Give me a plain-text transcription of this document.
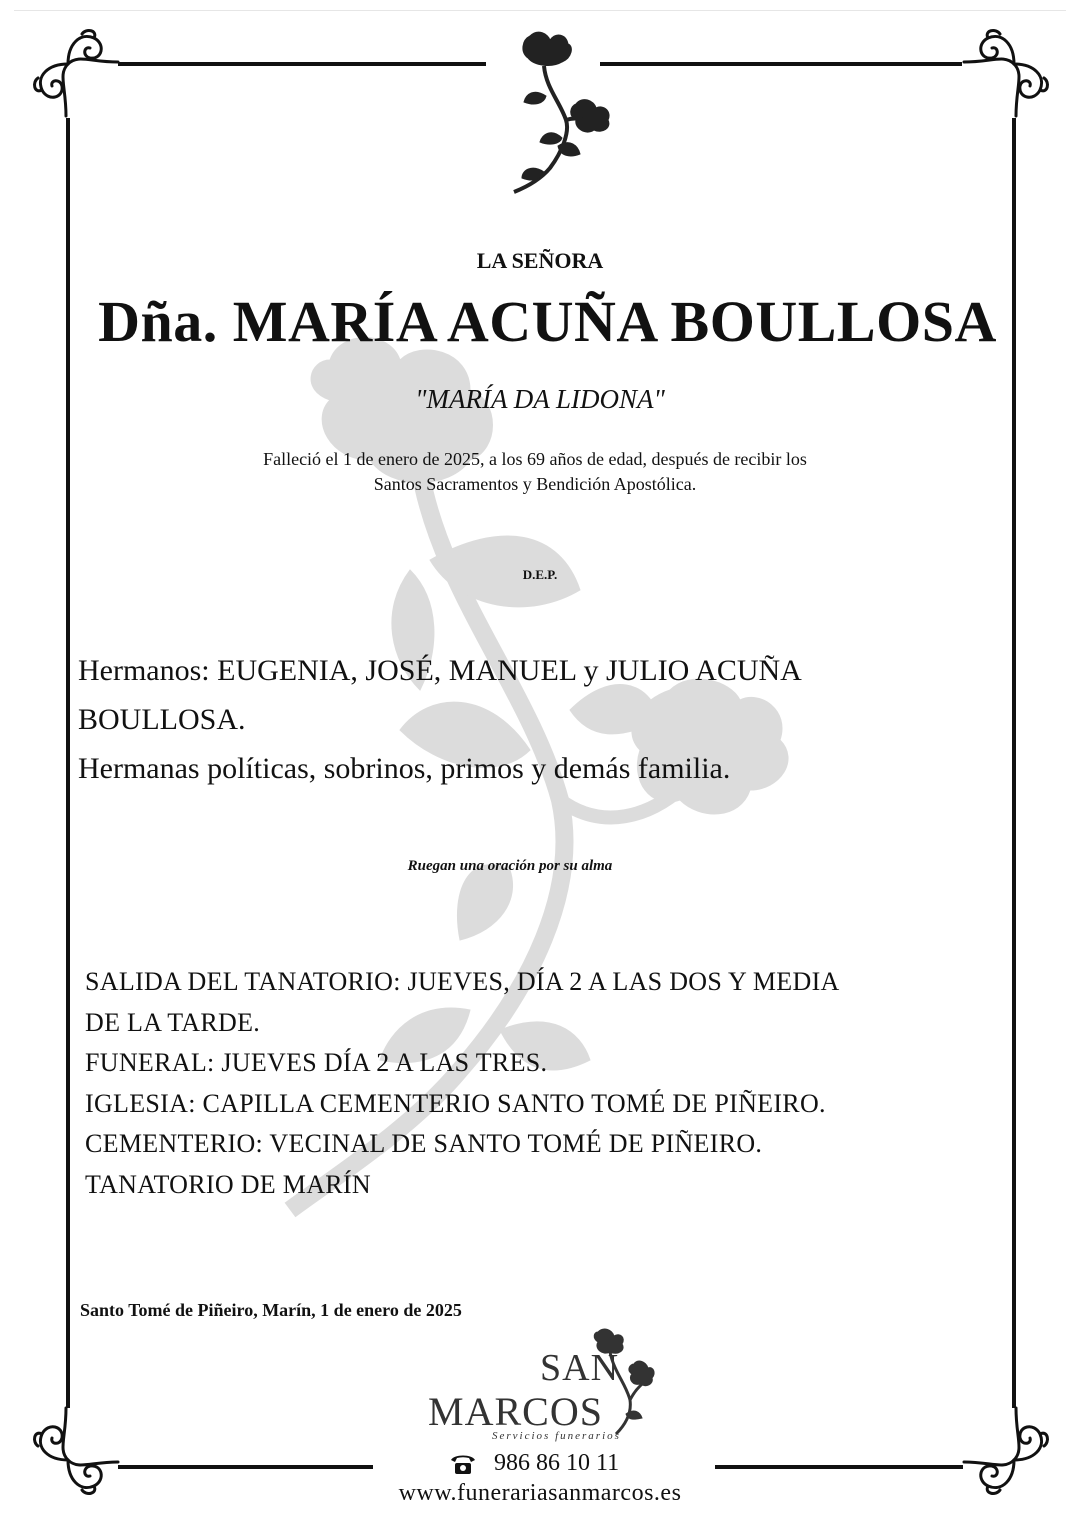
LA SEÑORA
Dña. MARÍA ACUÑA BOULLOSA
"MARÍA DA LIDONA"
Falleció el 1 de enero de 2025, a los 69 años de edad, después de recibir los
Santos Sacramentos y Bendición Apostólica.
D.E.P.

Hermanos: EUGENIA, JOSÉ, MANUEL y JULIO ACUÑA

BOULLOSA.

Hermanas políticas, sobrinos, primos y demás familia.

Ruegan una oración por su alma

SALIDA DEL TANATORIO: JUEVES, DÍA 2 A LAS DOS Y MEDIA

DE LA TARDE.

FUNERAL: JUEVES DÍA 2 A LAS TRES.

IGLESIA: CAPILLA CEMENTERIO SANTO TOMÉ DE PIÑEIRO.

CEMENTERIO: VECINAL DE SANTO TOMÉ DE PIÑEIRO.

TANATORIO DE MARÍN

Santo Tomé de Piñeiro, Marín, 1 de enero de 2025
SAN
MARCOS
Servicios funerarios
986 86 10 11
www.funerariasanmarcos.es
